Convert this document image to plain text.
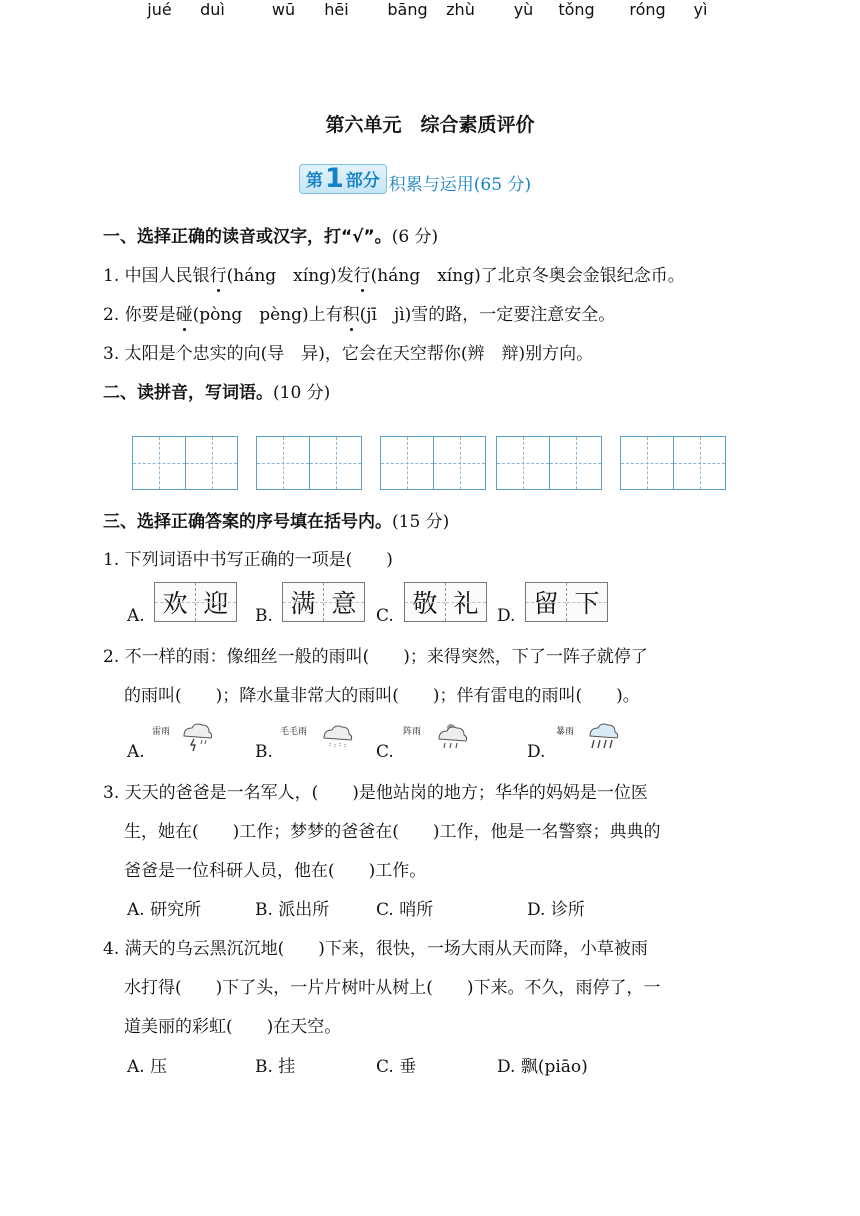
第六单元　综合素质评价
第 1 部分 积累与运用(65 分)
一、选择正确的读音或汉字，打“√”。(6 分)
1. 中国人民银行(háng　xíng)发行(háng　xíng)了北京冬奥会金银纪念币。
2. 你要是碰(pòng　pèng)上有积(jī　jì)雪的路，一定要注意安全。
3. 太阳是个忠实的向(导　异)，它会在天空帮你(辨　辩)别方向。
二、读拼音，写词语。(10 分)
jué	duì	wū	hēi	bāng	zhù	yù	tǒng	róng	yì
三、选择正确答案的序号填在括号内。(15 分)
1. 下列词语中书写正确的一项是(　　)
A. 欢 迎	B. 满 意	C. 敬 礼	D. 留 下
2. 不一样的雨：像细丝一般的雨叫(　　)；来得突然，下了一阵子就停了
的雨叫(　　)；降水量非常大的雨叫(　　)；伴有雷电的雨叫(　　)。
A.
雷雨
B.
毛毛雨
C.
阵雨
D.
暴雨
3. 天天的爸爸是一名军人，(　　)是他站岗的地方；华华的妈妈是一位医
生，她在(　　)工作；梦梦的爸爸在(　　)工作，他是一名警察；典典的
爸爸是一位科研人员，他在(　　)工作。
A. 研究所	B. 派出所	C. 哨所	D. 诊所
4. 满天的乌云黑沉沉地(　　)下来，很快，一场大雨从天而降，小草被雨
水打得(　　)下了头，一片片树叶从树上(　　)下来。不久，雨停了，一
道美丽的彩虹(　　)在天空。
A. 压	B. 挂	C. 垂	D. 飘(piāo)
